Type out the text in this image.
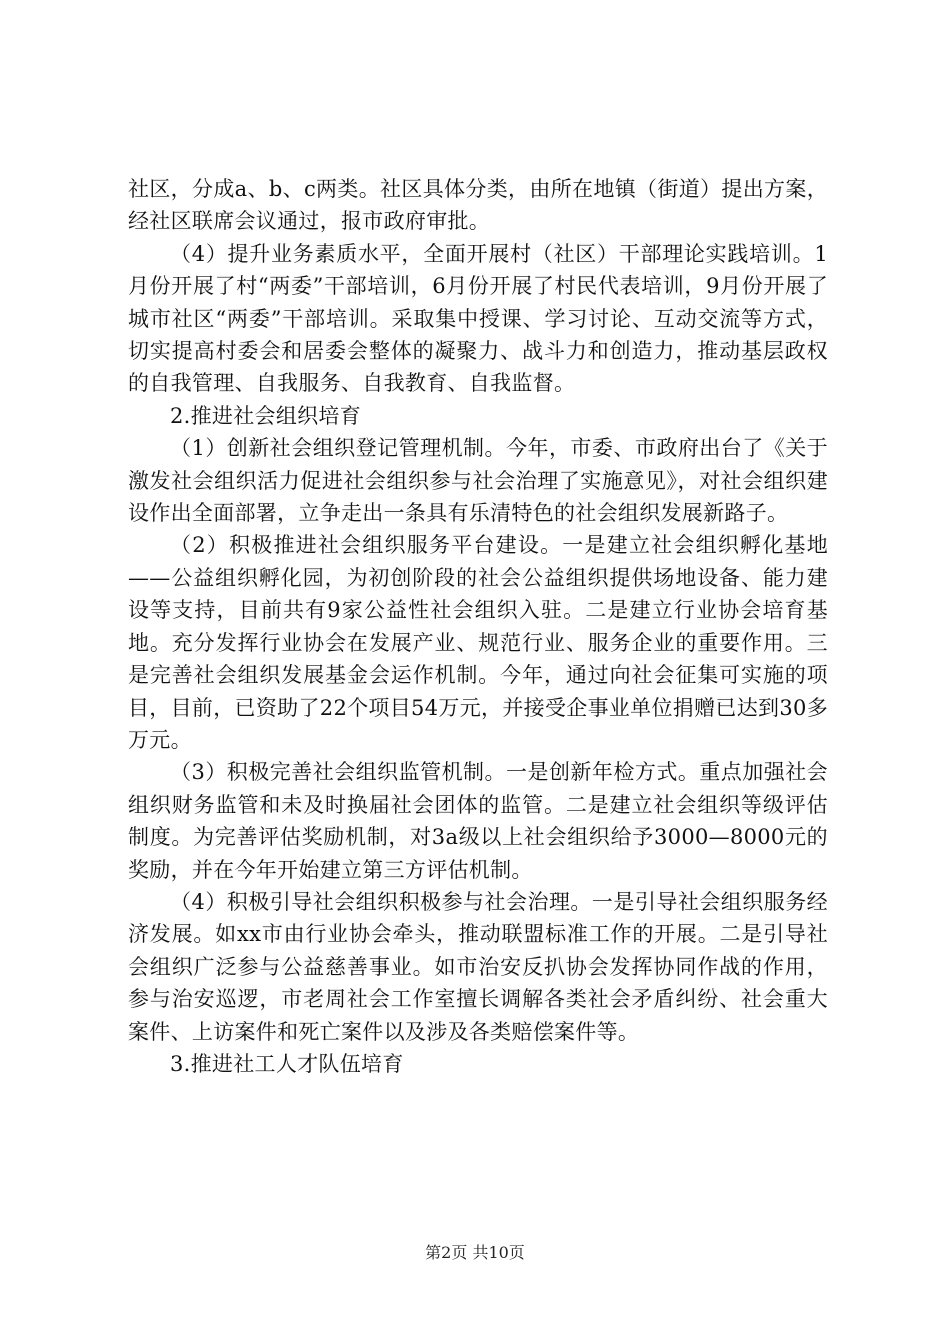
社区，分成a、b、c两类。社区具体分类，由所在地镇（街道）提出方案，经社区联席会议通过，报市政府审批。

（4）提升业务素质水平，全面开展村（社区）干部理论实践培训。1月份开展了村“两委”干部培训，6月份开展了村民代表培训，9月份开展了城市社区“两委”干部培训。采取集中授课、学习讨论、互动交流等方式，切实提高村委会和居委会整体的凝聚力、战斗力和创造力，推动基层政权的自我管理、自我服务、自我教育、自我监督。

2.推进社会组织培育

（1）创新社会组织登记管理机制。今年，市委、市政府出台了《关于激发社会组织活力促进社会组织参与社会治理了实施意见》，对社会组织建设作出全面部署，立争走出一条具有乐清特色的社会组织发展新路子。

（2）积极推进社会组织服务平台建设。一是建立社会组织孵化基地——公益组织孵化园，为初创阶段的社会公益组织提供场地设备、能力建设等支持，目前共有9家公益性社会组织入驻。二是建立行业协会培育基地。充分发挥行业协会在发展产业、规范行业、服务企业的重要作用。三是完善社会组织发展基金会运作机制。今年，通过向社会征集可实施的项目，目前，已资助了22个项目54万元，并接受企事业单位捐赠已达到30多万元。

（3）积极完善社会组织监管机制。一是创新年检方式。重点加强社会组织财务监管和未及时换届社会团体的监管。二是建立社会组织等级评估制度。为完善评估奖励机制，对3a级以上社会组织给予3000—8000元的奖励，并在今年开始建立第三方评估机制。

（4）积极引导社会组织积极参与社会治理。一是引导社会组织服务经济发展。如xx市由行业协会牵头，推动联盟标准工作的开展。二是引导社会组织广泛参与公益慈善事业。如市治安反扒协会发挥协同作战的作用，参与治安巡逻，市老周社会工作室擅长调解各类社会矛盾纠纷、社会重大案件、上访案件和死亡案件以及涉及各类赔偿案件等。

3.推进社工人才队伍培育

第2页 共10页
